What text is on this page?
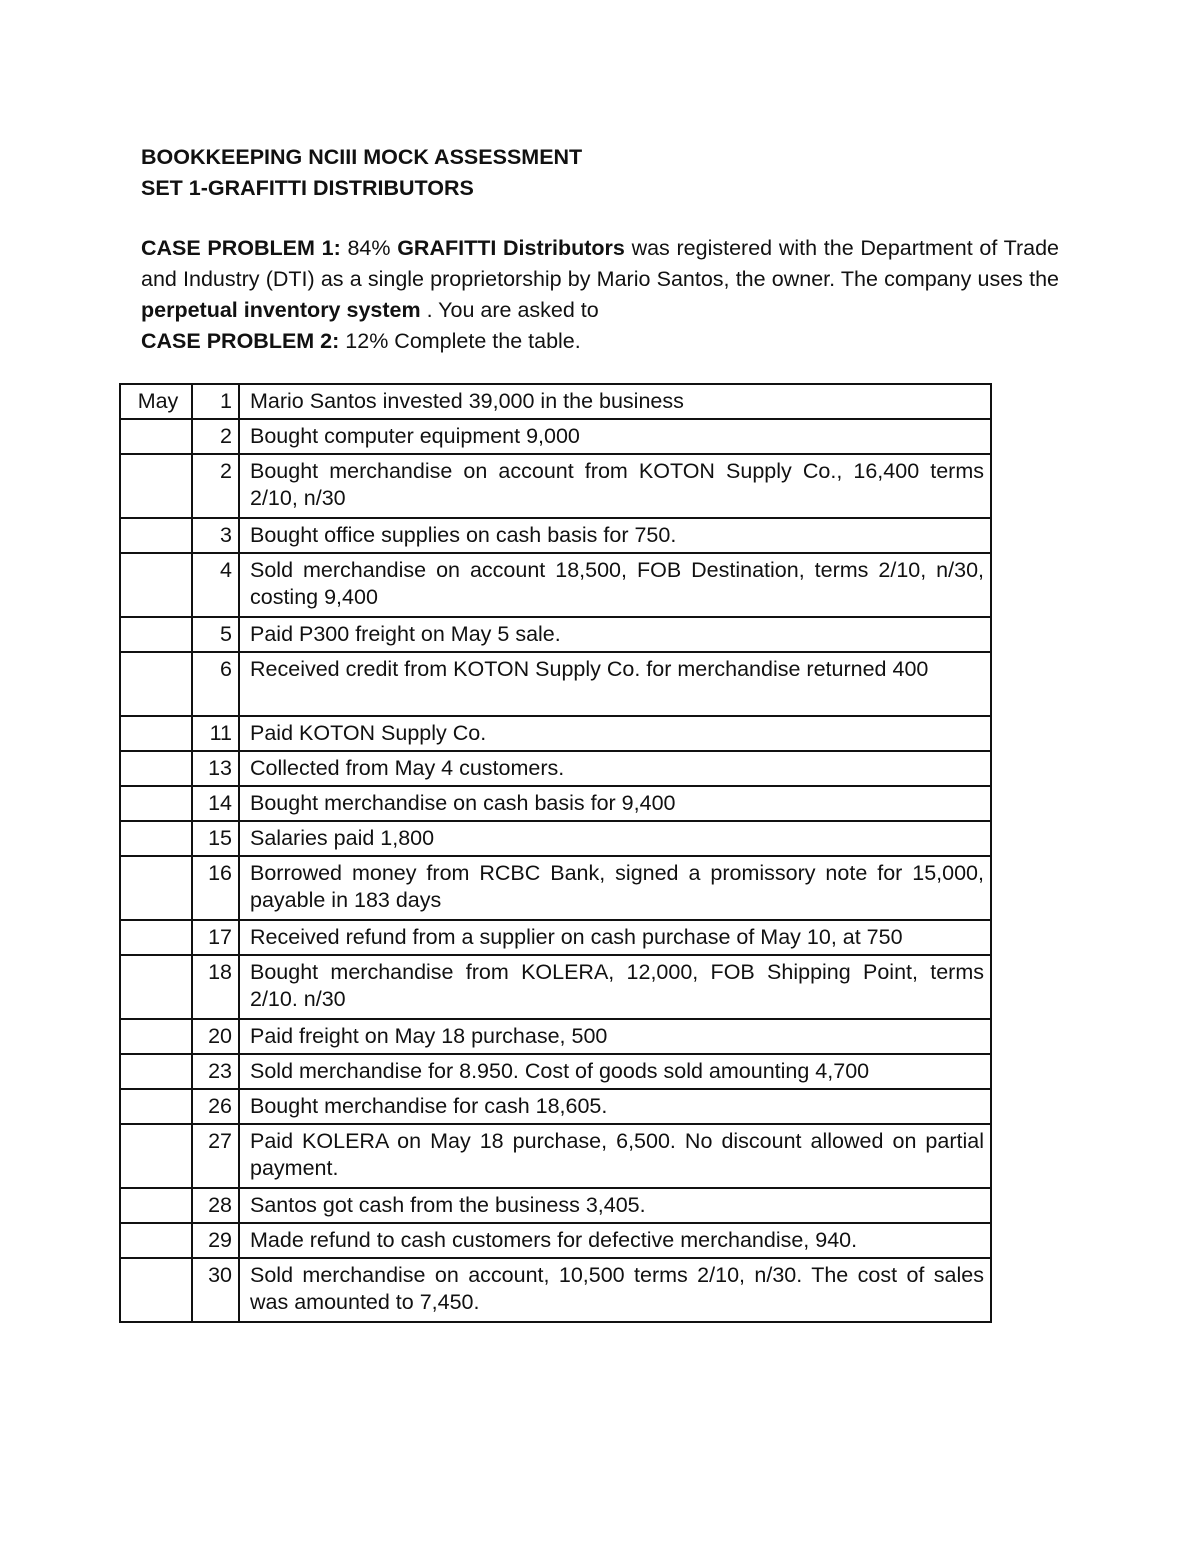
BOOKKEEPING NCIII MOCK ASSESSMENT
SET 1-GRAFITTI DISTRIBUTORS

CASE PROBLEM 1: 84% GRAFITTI Distributors was registered with the Department of Trade and Industry (DTI) as a single proprietorship by Mario Santos, the owner. The company uses the perpetual inventory system . You are asked to

CASE PROBLEM 2: 12% Complete the table.

May	1	Mario Santos invested 39,000 in the business
	2	Bought computer equipment 9,000
	2	Bought merchandise on account from KOTON Supply Co., 16,400 terms 2/10, n/30
	3	Bought office supplies on cash basis for 750.
	4	Sold merchandise on account 18,500, FOB Destination, terms 2/10, n/30, costing 9,400
	5	Paid P300 freight on May 5 sale.
	6	Received credit from KOTON Supply Co. for merchandise returned 400
	11	Paid KOTON Supply Co.
	13	Collected from May 4 customers.
	14	Bought merchandise on cash basis for 9,400
	15	Salaries paid 1,800
	16	Borrowed money from RCBC Bank, signed a promissory note for 15,000, payable in 183 days
	17	Received refund from a supplier on cash purchase of May 10, at 750
	18	Bought merchandise from KOLERA, 12,000, FOB Shipping Point, terms 2/10. n/30
	20	Paid freight on May 18 purchase, 500
	23	Sold merchandise for 8.950. Cost of goods sold amounting 4,700
	26	Bought merchandise for cash 18,605.
	27	Paid KOLERA on May 18 purchase, 6,500. No discount allowed on partial payment.
	28	Santos got cash from the business 3,405.
	29	Made refund to cash customers for defective merchandise, 940.
	30	Sold merchandise on account, 10,500 terms 2/10, n/30. The cost of sales was amounted to 7,450.
